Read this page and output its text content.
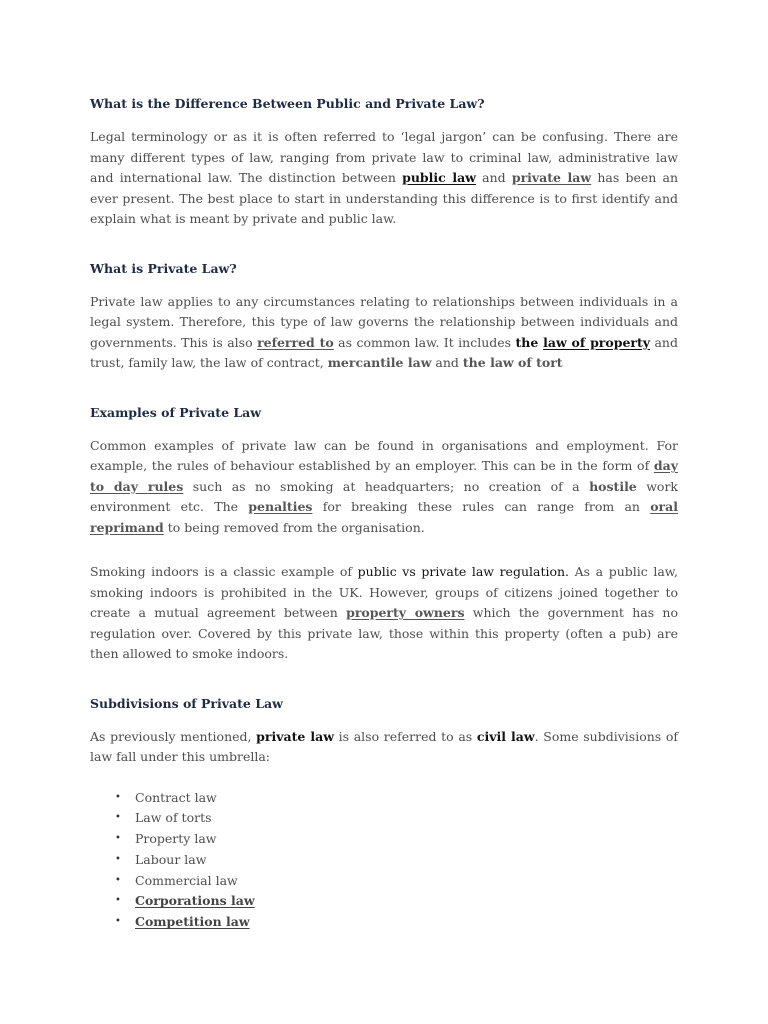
What is the Difference Between Public and Private Law?

Legal terminology or as it is often referred to ‘legal jargon’ can be confusing. There are many different types of law, ranging from private law to criminal law, administrative law and international law. The distinction between public law and private law has been an ever present. The best place to start in understanding this difference is to first identify and explain what is meant by private and public law.

What is Private Law?

Private law applies to any circumstances relating to relationships between individuals in a legal system. Therefore, this type of law governs the relationship between individuals and governments. This is also referred to as common law. It includes the law of property and trust, family law, the law of contract, mercantile law and the law of tort

Examples of Private Law

Common examples of private law can be found in organisations and employment. For example, the rules of behaviour established by an employer. This can be in the form of day to day rules such as no smoking at headquarters; no creation of a hostile work environment etc. The penalties for breaking these rules can range from an oral reprimand to being removed from the organisation.

Smoking indoors is a classic example of public vs private law regulation. As a public law, smoking indoors is prohibited in the UK. However, groups of citizens joined together to create a mutual agreement between property owners which the government has no regulation over. Covered by this private law, those within this property (often a pub) are then allowed to smoke indoors.

Subdivisions of Private Law

As previously mentioned, private law is also referred to as civil law. Some subdivisions of law fall under this umbrella:

• Contract law
• Law of torts
• Property law
• Labour law
• Commercial law
• Corporations law
• Competition law
